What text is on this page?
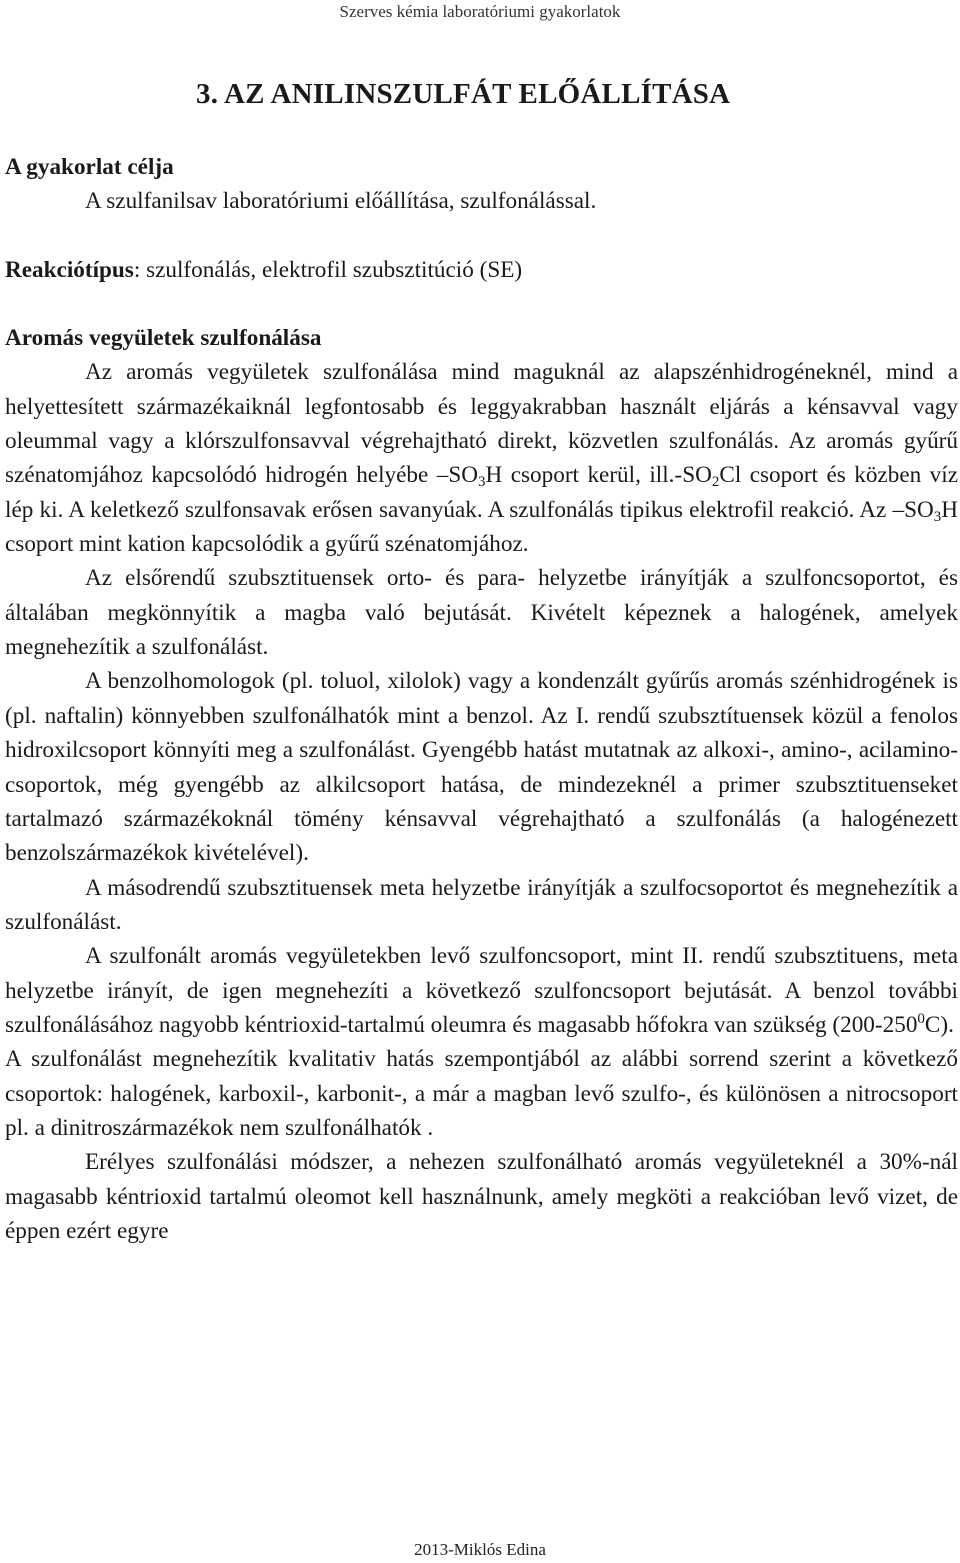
Szerves kémia laboratóriumi gyakorlatok
3. AZ ANILINSZULFÁT ELŐÁLLÍTÁSA

A gyakorlat célja

A szulfanilsav laboratóriumi előállítása, szulfonálással.

Reakciótípus: szulfonálás, elektrofil szubsztitúció (SE)

Aromás vegyületek szulfonálása

Az aromás vegyületek szulfonálása mind maguknál az alapszénhidrogéneknél, mind a helyettesített származékaiknál legfontosabb és leggyakrabban használt eljárás a kénsavval vagy oleummal vagy a klórszulfonsavval végrehajtható direkt, közvetlen szulfonálás. Az aromás gyűrű szénatomjához kapcsolódó hidrogén helyébe $-SO_3H$ csoport kerül, $ill.-SO_2Cl$ csoport és közben víz lép ki. A keletkező szulfonsavak erősen savanyúak. A szulfonálás tipikus elektrofil reakció. Az $-SO_3H$ csoport mint kation kapcsolódik a gyűrű szénatomjához.

Az elsőrendű szubsztituensek orto- és para- helyzetbe irányítják a szulfoncsoportot, és általában megkönnyítik a magba való bejutását. Kivételt képeznek a halogének, amelyek megnehezítik a szulfonálást.

A benzolhomologok (pl. toluol, xilolok) vagy a kondenzált gyűrűs aromás szénhidrogének is (pl. naftalin) könnyebben szulfonálhatók mint a benzol. Az I. rendű szubsztítuensek közül a fenolos hidroxilcsoport könnyíti meg a szulfonálást. Gyengébb hatást mutatnak az alkoxi-, amino-, acilamino- csoportok, még gyengébb az alkilcsoport hatása, de mindezeknél a primer szubsztituenseket tartalmazó származékoknál tömény kénsavval végrehajtható a szulfonálás (a halogénezett benzolszármazékok kivételével).

A másodrendű szubsztituensek meta helyzetbe irányítják a szulfocsoportot és megnehezítik a szulfonálást.

A szulfonált aromás vegyületekben levő szulfoncsoport, mint II. rendű szubsztituens, meta helyzetbe irányít, de igen megnehezíti a következő szulfoncsoport bejutását. A benzol további szulfonálásához nagyobb kéntrioxid-tartalmú oleumra és magasabb hőfokra van szükség $(200-250^0C)$.

A szulfonálást megnehezítik kvalitativ hatás szempontjából az alábbi sorrend szerint a következő csoportok: halogének, karboxil-, karbonit-, a már a magban levő szulfo-, és különösen a nitrocsoport pl. a dinitroszármazékok nem szulfonálhatók .

Erélyes szulfonálási módszer, a nehezen szulfonálható aromás vegyületeknél a 30%-nál magasabb kéntrioxid tartalmú oleomot kell használnunk, amely megköti a reakcióban levő vizet, de éppen ezért egyre

2013-Miklós Edina
